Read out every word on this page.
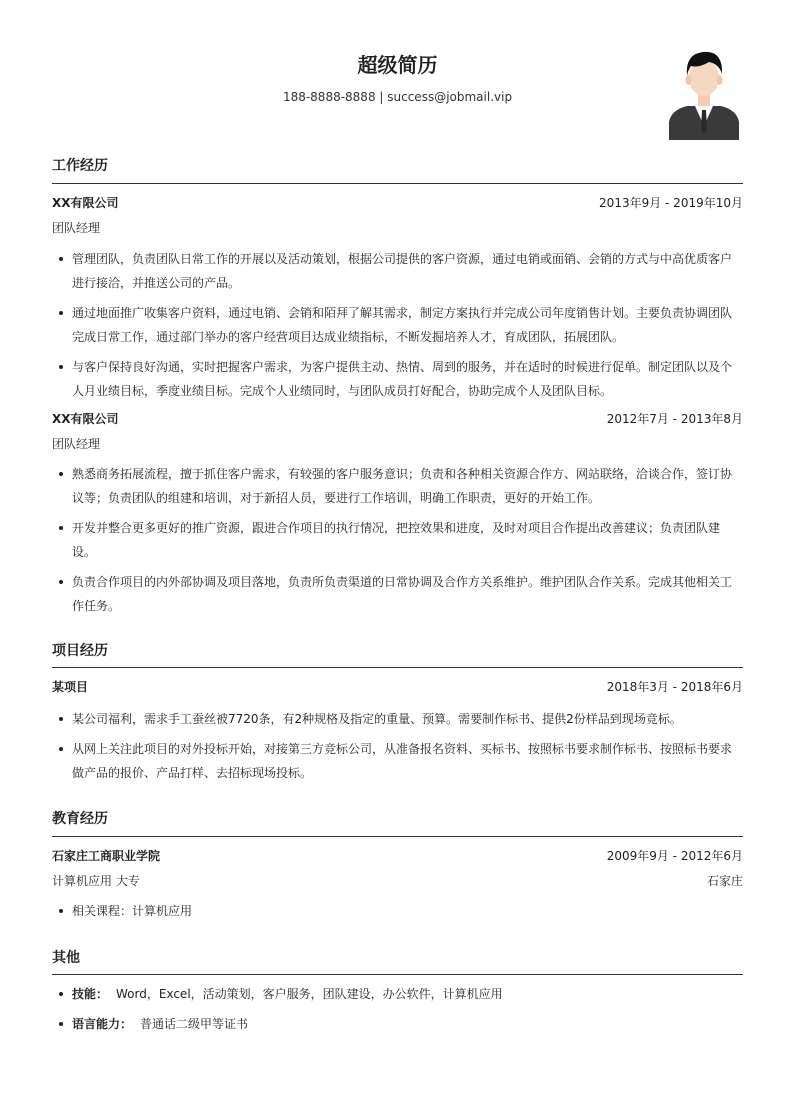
超级简历
188-8888-8888 | success@jobmail.vip
工作经历
XX有限公司	2013年9月 - 2019年10月
团队经理
管理团队，负责团队日常工作的开展以及活动策划，根据公司提供的客户资源，通过电销或面销、会销的方式与中高优质客户进行接洽，并推送公司的产品。
通过地面推广收集客户资料，通过电销、会销和陌拜了解其需求，制定方案执行并完成公司年度销售计划。主要负责协调团队完成日常工作，通过部门举办的客户经营项目达成业绩指标，不断发掘培养人才，育成团队，拓展团队。
与客户保持良好沟通，实时把握客户需求，为客户提供主动、热情、周到的服务，并在适时的时候进行促单。制定团队以及个人月业绩目标，季度业绩目标。完成个人业绩同时，与团队成员打好配合，协助完成个人及团队目标。
XX有限公司	2012年7月 - 2013年8月
团队经理
熟悉商务拓展流程，擅于抓住客户需求，有较强的客户服务意识；负责和各种相关资源合作方、网站联络，洽谈合作，签订协议等；负责团队的组建和培训，对于新招人员，要进行工作培训，明确工作职责，更好的开始工作。
开发并整合更多更好的推广资源，跟进合作项目的执行情况，把控效果和进度，及时对项目合作提出改善建议；负责团队建设。
负责合作项目的内外部协调及项目落地，负责所负责渠道的日常协调及合作方关系维护。维护团队合作关系。完成其他相关工作任务。
项目经历
某项目	2018年3月 - 2018年6月
某公司福利，需求手工蚕丝被7720条，有2种规格及指定的重量、预算。需要制作标书、提供2份样品到现场竞标。
从网上关注此项目的对外投标开始，对接第三方竞标公司，从准备报名资料、买标书、按照标书要求制作标书、按照标书要求做产品的报价、产品打样、去招标现场投标。
教育经历
石家庄工商职业学院	2009年9月 - 2012年6月
计算机应用 大专	石家庄
相关课程：计算机应用
其他
技能： Word，Excel，活动策划，客户服务，团队建设，办公软件，计算机应用
语言能力： 普通话二级甲等证书
